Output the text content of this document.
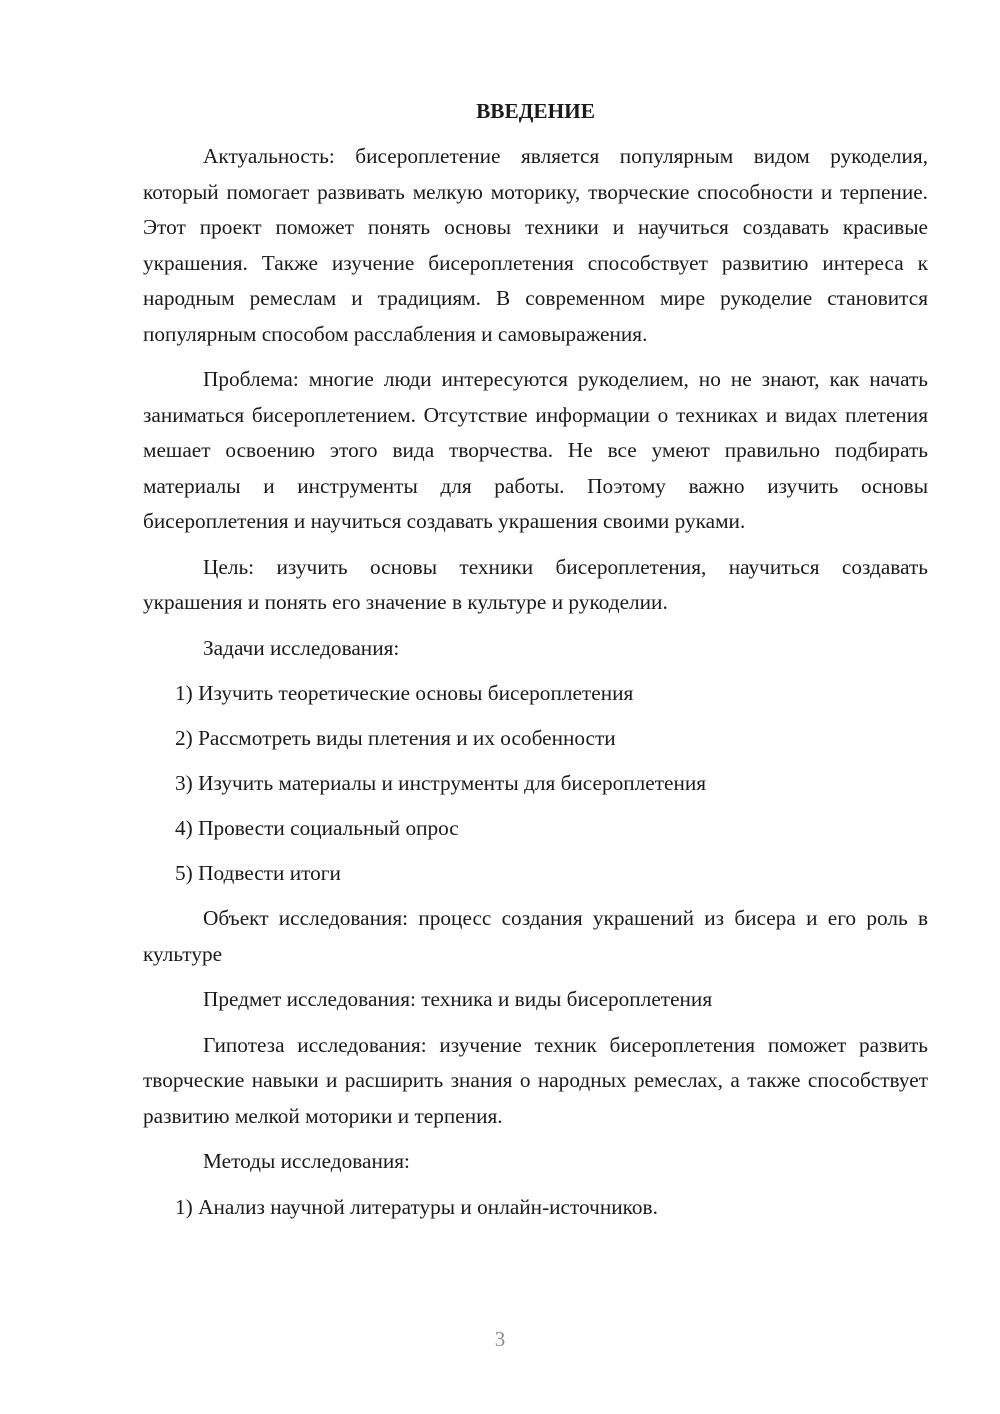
ВВЕДЕНИЕ

Актуальность: бисероплетение является популярным видом рукоделия, который помогает развивать мелкую моторику, творческие способности и терпение. Этот проект поможет понять основы техники и научиться создавать красивые украшения. Также изучение бисероплетения способствует развитию интереса к народным ремеслам и традициям. В современном мире рукоделие становится популярным способом расслабления и самовыражения.

Проблема: многие люди интересуются рукоделием, но не знают, как начать заниматься бисероплетением. Отсутствие информации о техниках и видах плетения мешает освоению этого вида творчества. Не все умеют правильно подбирать материалы и инструменты для работы. Поэтому важно изучить основы бисероплетения и научиться создавать украшения своими руками.

Цель: изучить основы техники бисероплетения, научиться создавать украшения и понять его значение в культуре и рукоделии.

Задачи исследования:

1) Изучить теоретические основы бисероплетения
2) Рассмотреть виды плетения и их особенности
3) Изучить материалы и инструменты для бисероплетения
4) Провести социальный опрос
5) Подвести итоги

Объект исследования: процесс создания украшений из бисера и его роль в культуре

Предмет исследования: техника и виды бисероплетения

Гипотеза исследования: изучение техник бисероплетения поможет развить творческие навыки и расширить знания о народных ремеслах, а также способствует развитию мелкой моторики и терпения.

Методы исследования:

1) Анализ научной литературы и онлайн-источников.
3
